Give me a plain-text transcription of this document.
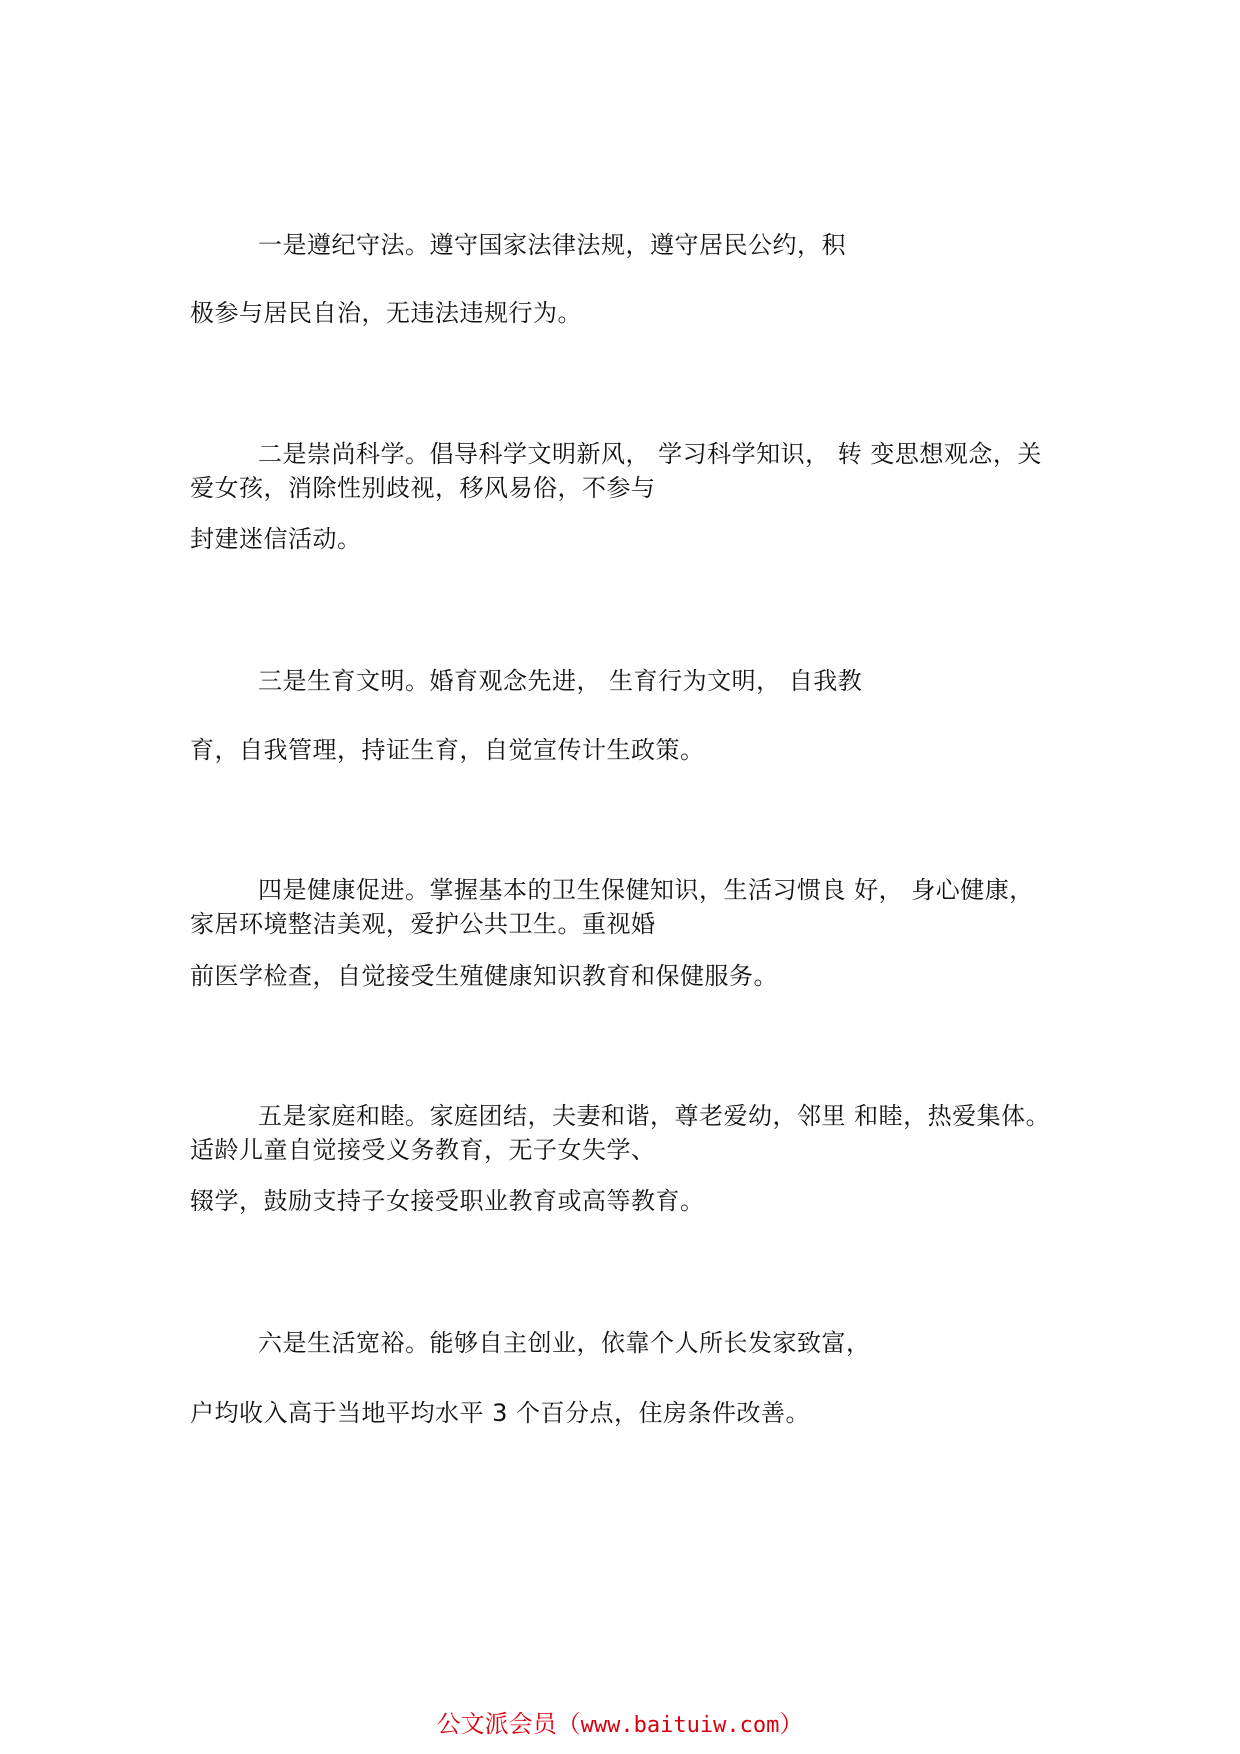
一是遵纪守法。遵守国家法律法规，遵守居民公约，积
极参与居民自治，无违法违规行为。
二是崇尚科学。倡导科学文明新风， 学习科学知识， 转 变思想观念，关
爱女孩，消除性别歧视，移风易俗，不参与
封建迷信活动。
三是生育文明。婚育观念先进， 生育行为文明， 自我教
育，自我管理，持证生育，自觉宣传计生政策。
四是健康促进。掌握基本的卫生保健知识，生活习惯良 好， 身心健康，
家居环境整洁美观，爱护公共卫生。重视婚
前医学检查，自觉接受生殖健康知识教育和保健服务。
五是家庭和睦。家庭团结，夫妻和谐，尊老爱幼，邻里 和睦，热爱集体。
适龄儿童自觉接受义务教育，无子女失学、
辍学，鼓励支持子女接受职业教育或高等教育。
六是生活宽裕。能够自主创业，依靠个人所长发家致富，
户均收入高于当地平均水平 3 个百分点，住房条件改善。
公文派会员（www.baituiw.com）
